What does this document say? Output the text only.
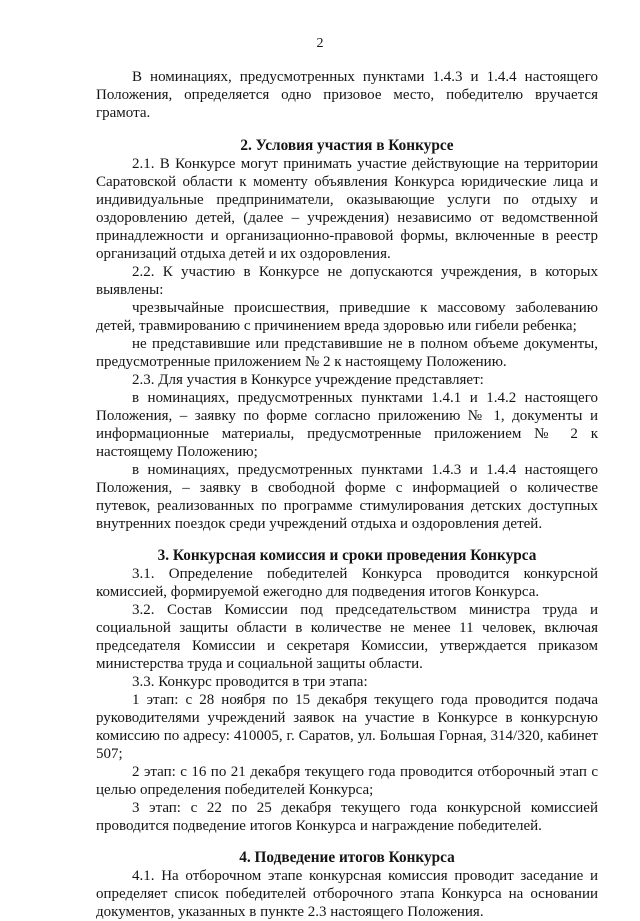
2

В номинациях, предусмотренных пунктами 1.4.3 и 1.4.4 настоящего Положения, определяется одно призовое место, победителю вручается грамота.

2. Условия участия в Конкурсе

2.1. В Конкурсе могут принимать участие действующие на территории Саратовской области к моменту объявления Конкурса юридические лица и индивидуальные предприниматели, оказывающие услуги по отдыху и оздоровлению детей, (далее – учреждения) независимо от ведомственной принадлежности и организационно-правовой формы, включенные в реестр организаций отдыха детей и их оздоровления.

2.2. К участию в Конкурсе не допускаются учреждения, в которых выявлены:

чрезвычайные происшествия, приведшие к массовому заболеванию детей, травмированию с причинением вреда здоровью или гибели ребенка;

не представившие или представившие не в полном объеме документы, предусмотренные приложением № 2 к настоящему Положению.

2.3. Для участия в Конкурсе учреждение представляет:

в номинациях, предусмотренных пунктами 1.4.1 и 1.4.2 настоящего Положения, – заявку по форме согласно приложению № 1, документы и информационные материалы, предусмотренные приложением № 2 к настоящему Положению;

в номинациях, предусмотренных пунктами 1.4.3 и 1.4.4 настоящего Положения, – заявку в свободной форме с информацией о количестве путевок, реализованных по программе стимулирования детских доступных внутренних поездок среди учреждений отдыха и оздоровления детей.

3. Конкурсная комиссия и сроки проведения Конкурса

3.1. Определение победителей Конкурса проводится конкурсной комиссией, формируемой ежегодно для подведения итогов Конкурса.

3.2. Состав Комиссии под председательством министра труда и социальной защиты области в количестве не менее 11 человек, включая председателя Комиссии и секретаря Комиссии, утверждается приказом министерства труда и социальной защиты области.

3.3. Конкурс проводится в три этапа:

1 этап: с 28 ноября по 15 декабря текущего года проводится подача руководителями учреждений заявок на участие в Конкурсе в конкурсную комиссию по адресу: 410005, г. Саратов, ул. Большая Горная, 314/320, кабинет 507;

2 этап: с 16 по 21 декабря текущего года проводится отборочный этап с целью определения победителей Конкурса;

3 этап: с 22 по 25 декабря текущего года конкурсной комиссией проводится подведение итогов Конкурса и награждение победителей.

4. Подведение итогов Конкурса

4.1. На отборочном этапе конкурсная комиссия проводит заседание и определяет список победителей отборочного этапа Конкурса на основании документов, указанных в пункте 2.3 настоящего Положения.
